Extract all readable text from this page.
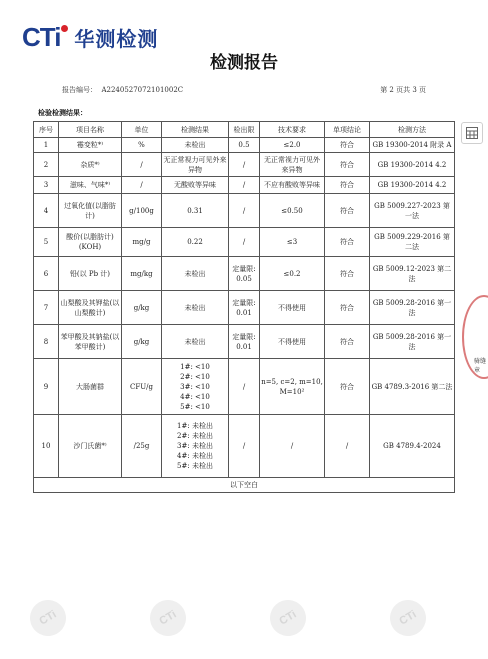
CTi 华测检测
检测报告
报告编号： A2240527072101002C	第 2 页共 3 页
检验检测结果：
序号	项目名称	单位	检测结果	检出限	技术要求	单项结论	检测方法
1	霉变粒*⁾	%	未检出	0.5	≤2.0	符合	GB 19300-2014 附录 A
2	杂质*⁾	/	无正常视力可见外来异物	/	无正常视力可见外来异物	符合	GB 19300-2014 4.2
3	滋味、气味*⁾	/	无酸败等异味	/	不应有酸败等异味	符合	GB 19300-2014 4.2
4	过氧化值(以脂肪计)	g/100g	0.31	/	≤0.50	符合	GB 5009.227-2023 第一法
5	酸价(以脂肪计)(KOH)	mg/g	0.22	/	≤3	符合	GB 5009.229-2016 第二法
6	铅(以 Pb 计)	mg/kg	未检出	定量限: 0.05	≤0.2	符合	GB 5009.12-2023 第二法
7	山梨酸及其钾盐(以山梨酸计)	g/kg	未检出	定量限: 0.01	不得使用	符合	GB 5009.28-2016 第一法
8	苯甲酸及其钠盐(以苯甲酸计)	g/kg	未检出	定量限: 0.01	不得使用	符合	GB 5009.28-2016 第一法
9	大肠菌群	CFU/g	1#: <10
2#: <10
3#: <10
4#: <10
5#: <10	/	n=5, c=2, m=10, M=10²	符合	GB 4789.3-2016 第二法
10	沙门氏菌*⁾	/25g	1#: 未检出
2#: 未检出
3#: 未检出
4#: 未检出
5#: 未检出	/	/	/	GB 4789.4-2024
以下空白							
骑缝章
CTi	CTi	CTi	CTi
